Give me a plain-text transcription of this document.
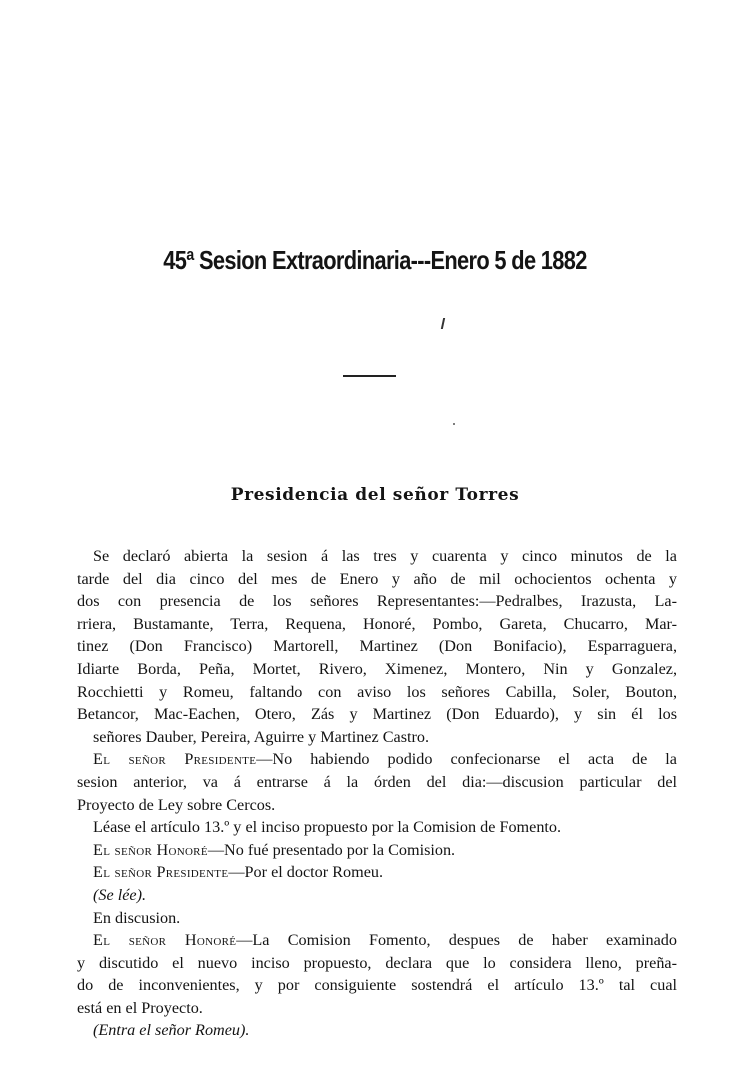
45ª Sesion Extraordinaria---Enero 5 de 1882
Presidencia del señor Torres
Se declaró abierta la sesion á las tres y cuarenta y cinco minutos de la
tarde del dia cinco del mes de Enero y año de mil ochocientos ochenta y
dos con presencia de los señores Representantes:—Pedralbes, Irazusta, La-
rriera, Bustamante, Terra, Requena, Honoré, Pombo, Gareta, Chucarro, Mar-
tinez (Don Francisco) Martorell, Martinez (Don Bonifacio), Esparraguera,
Idiarte Borda, Peña, Mortet, Rivero, Ximenez, Montero, Nin y Gonzalez,
Rocchietti y Romeu, faltando con aviso los señores Cabilla, Soler, Bouton,
Betancor, Mac-Eachen, Otero, Zás y Martinez (Don Eduardo), y sin él los
señores Dauber, Pereira, Aguirre y Martinez Castro.
El señor Presidente—No habiendo podido confecionarse el acta de la
sesion anterior, va á entrarse á la órden del dia:—discusion particular del
Proyecto de Ley sobre Cercos.
Léase el artículo 13.º y el inciso propuesto por la Comision de Fomento.
El señor Honoré—No fué presentado por la Comision.
El señor Presidente—Por el doctor Romeu.
(Se lée).
En discusion.
El señor Honoré—La Comision Fomento, despues de haber examinado
y discutido el nuevo inciso propuesto, declara que lo considera lleno, preña-
do de inconvenientes, y por consiguiente sostendrá el artículo 13.º tal cual
está en el Proyecto.
(Entra el señor Romeu).
